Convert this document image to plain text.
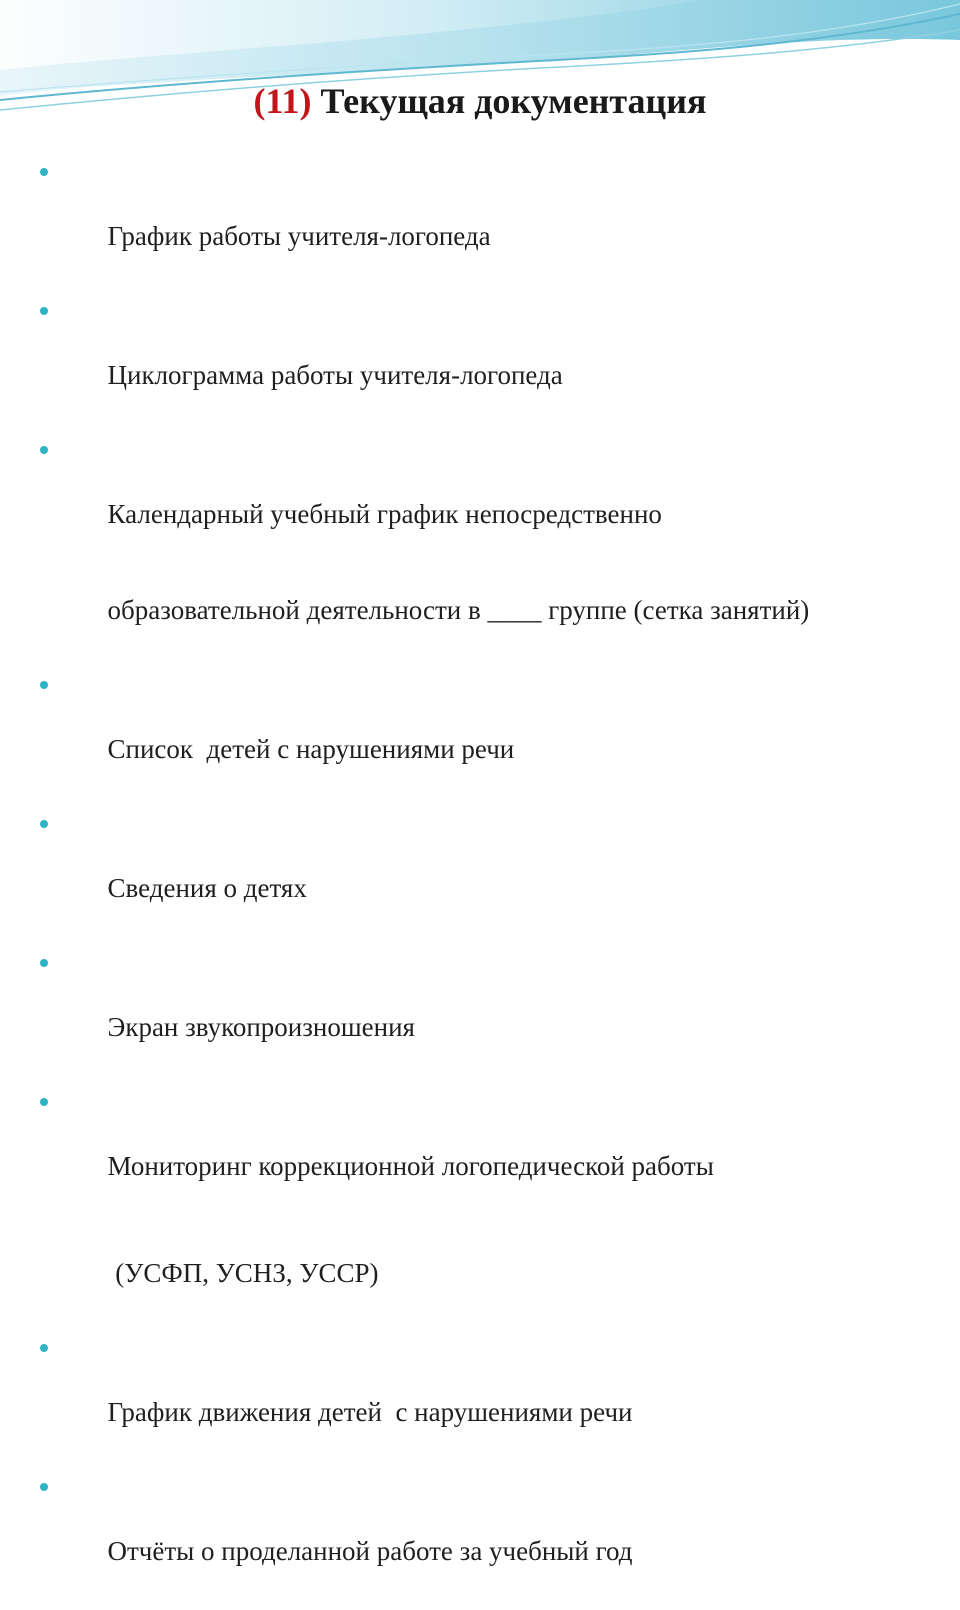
(11) Текущая документация

График работы учителя-логопеда

Циклограмма работы учителя-логопеда

Календарный учебный график непосредственно

образовательной деятельности в ____ группе (сетка занятий)

Список  детей с нарушениями речи

Сведения о детях

Экран звукопроизношения

Мониторинг коррекционной логопедической работы

(УСФП, УСНЗ, УССР)

График движения детей  с нарушениями речи

Отчёты о проделанной работе за учебный год
